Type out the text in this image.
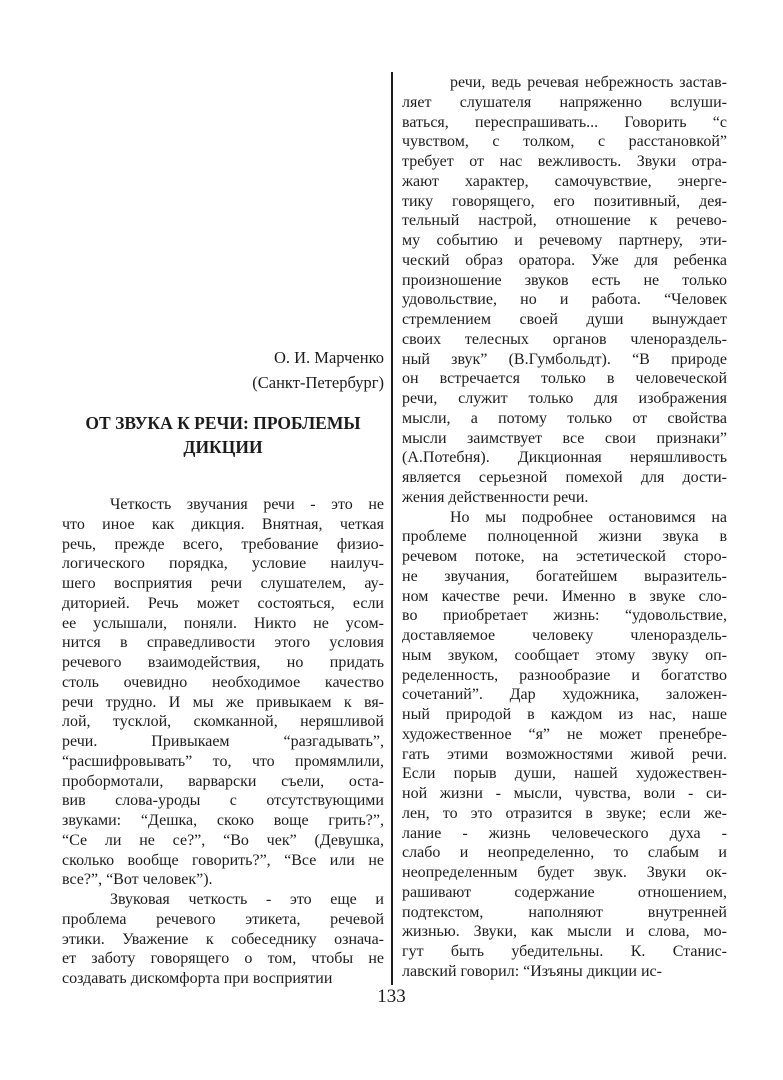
О. И. Марченко
(Санкт-Петербург)
ОТ ЗВУКА К РЕЧИ: ПРОБЛЕМЫ ДИКЦИИ
Четкость звучания речи - это не
что иное как дикция. Внятная, четкая
речь, прежде всего, требование физио-
логического порядка, условие наилуч-
шего восприятия речи слушателем, ау-
диторией. Речь может состояться, если
ее услышали, поняли. Никто не усом-
нится в справедливости этого условия
речевого взаимодействия, но придать
столь очевидно необходимое качество
речи трудно. И мы же привыкаем к вя-
лой, тусклой, скомканной, неряшливой
речи. Привыкаем “разгадывать”,
“расшифровывать” то, что промямлили,
пробормотали, варварски съели, оста-
вив слова-уроды с отсутствующими
звуками: “Дешка, скоко воще грить?”,
“Се ли не се?”, “Во чек” (Девушка,
сколько вообще говорить?”, “Все или не
все?”, “Вот человек”).
Звуковая четкость - это еще и
проблема речевого этикета, речевой
этики. Уважение к собеседнику означа-
ет заботу говорящего о том, чтобы не
создавать дискомфорта при восприятии
речи, ведь речевая небрежность застав-
ляет слушателя напряженно вслуши-
ваться, переспрашивать... Говорить “с
чувством, с толком, с расстановкой”
требует от нас вежливость. Звуки отра-
жают характер, самочувствие, энерге-
тику говорящего, его позитивный, дея-
тельный настрой, отношение к речево-
му событию и речевому партнеру, эти-
ческий образ оратора. Уже для ребенка
произношение звуков есть не только
удовольствие, но и работа. “Человек
стремлением своей души вынуждает
своих телесных органов членораздель-
ный звук” (В.Гумбольдт). “В природе
он встречается только в человеческой
речи, служит только для изображения
мысли, а потому только от свойства
мысли заимствует все свои признаки”
(А.Потебня). Дикционная неряшливость
является серьезной помехой для дости-
жения действенности речи.
Но мы подробнее остановимся на
проблеме полноценной жизни звука в
речевом потоке, на эстетической сторо-
не звучания, богатейшем выразитель-
ном качестве речи. Именно в звуке сло-
во приобретает жизнь: “удовольствие,
доставляемое человеку членораздель-
ным звуком, сообщает этому звуку оп-
ределенность, разнообразие и богатство
сочетаний”. Дар художника, заложен-
ный природой в каждом из нас, наше
художественное “я” не может пренебре-
гать этими возможностями живой речи.
Если порыв души, нашей художествен-
ной жизни - мысли, чувства, воли - си-
лен, то это отразится в звуке; если же-
лание - жизнь человеческого духа -
слабо и неопределенно, то слабым и
неопределенным будет звук. Звуки ок-
рашивают содержание отношением,
подтекстом, наполняют внутренней
жизнью. Звуки, как мысли и слова, мо-
гут быть убедительны. К. Станис-
лавский говорил: “Изъяны дикции ис-
133
